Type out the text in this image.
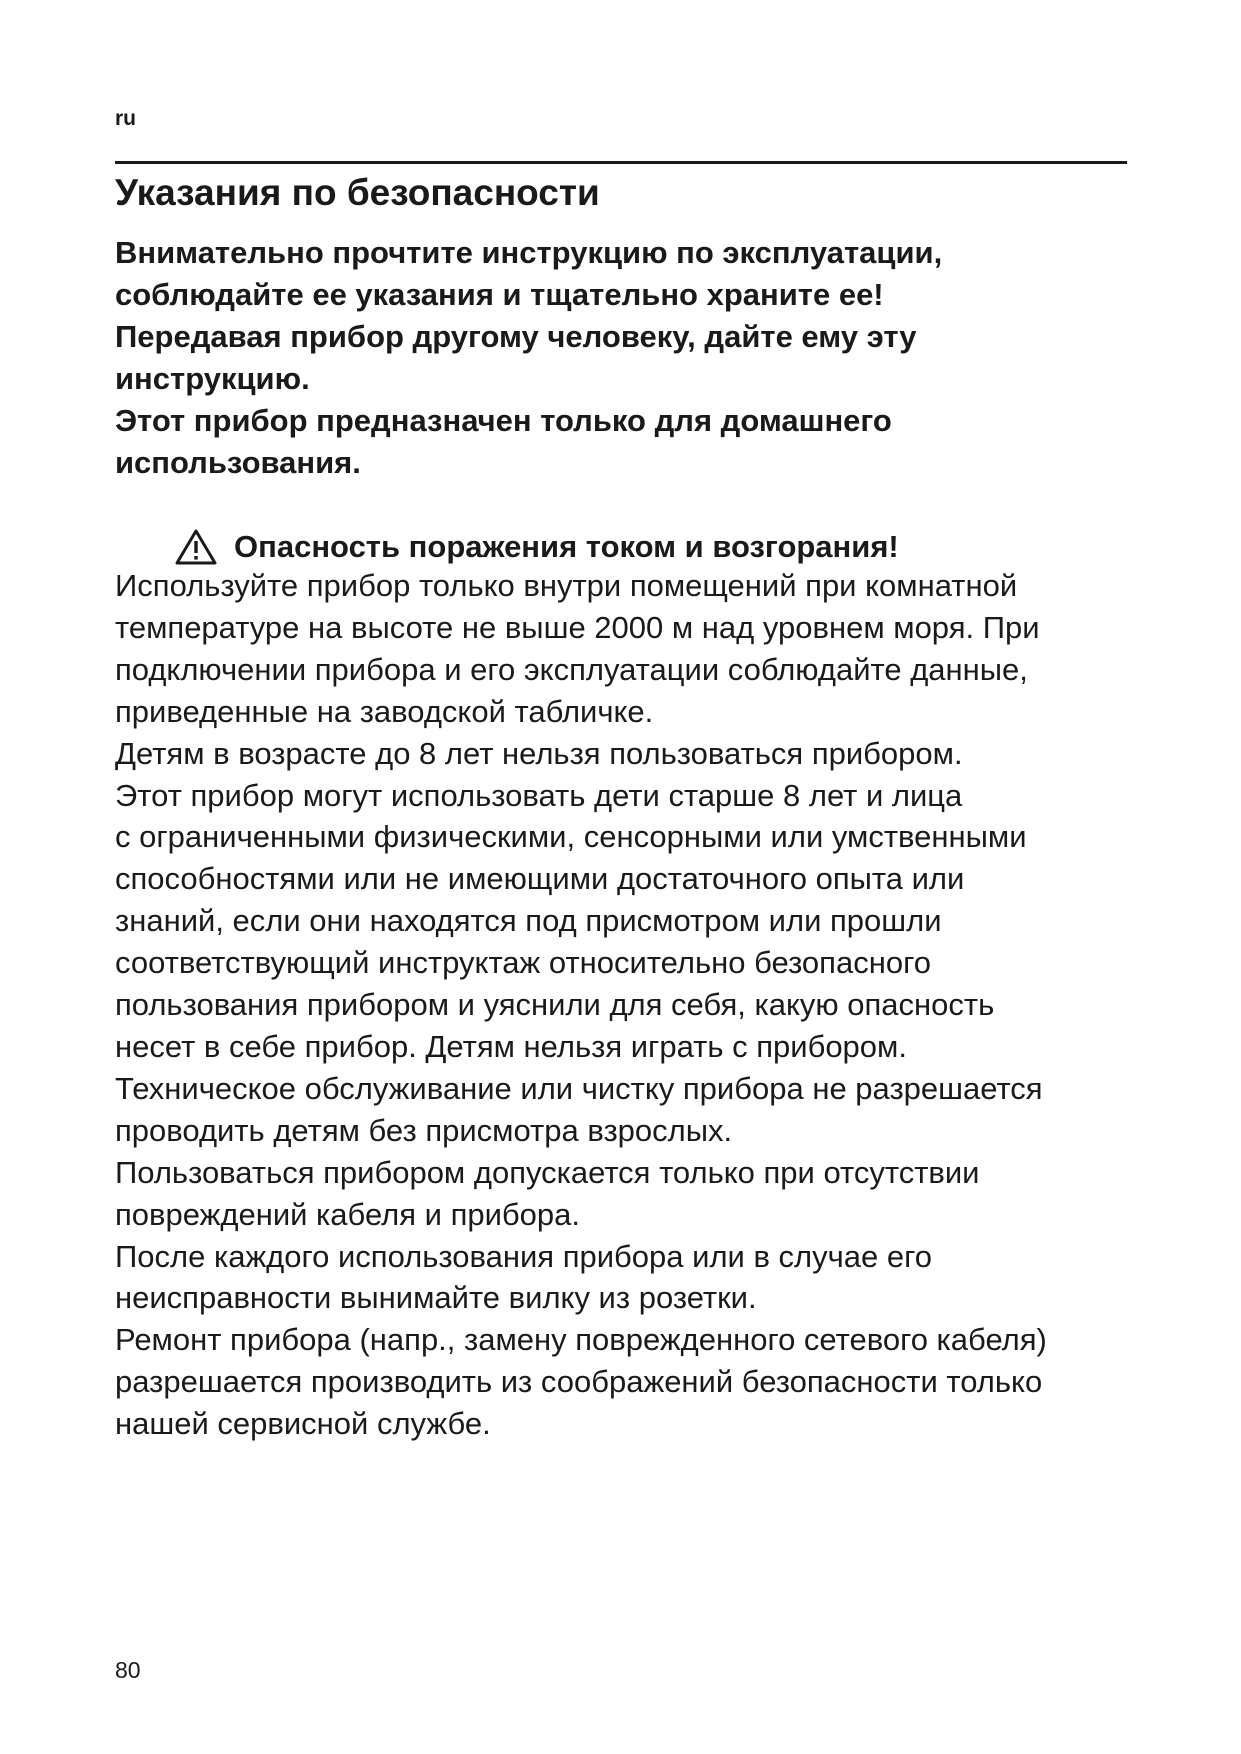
ru
Указания по безопасности
Внимательно прочтите инструкцию по эксплуатации,
соблюдайте ее указания и тщательно храните ее!
Передавая прибор другому человеку, дайте ему эту
инструкцию.
Этот прибор предназначен только для домашнего
использования.
Опасность поражения током и возгорания!
Используйте прибор только внутри помещений при комнатной
температуре на высоте не выше 2000 м над уровнем моря. При
подключении прибора и его эксплуатации соблюдайте данные,
приведенные на заводской табличке.
Детям в возрасте до 8 лет нельзя пользоваться прибором.
Этот прибор могут использовать дети старше 8 лет и лица
с ограниченными физическими, сенсорными или умственными
способностями или не имеющими достаточного опыта или
знаний, если они находятся под присмотром или прошли
соответствующий инструктаж относительно безопасного
пользования прибором и уяснили для себя, какую опасность
несет в себе прибор. Детям нельзя играть с прибором.
Техническое обслуживание или чистку прибора не разрешается
проводить детям без присмотра взрослых.
Пользоваться прибором допускается только при отсутствии
повреждений кабеля и прибора.
После каждого использования прибора или в случае его
неисправности вынимайте вилку из розетки.
Ремонт прибора (напр., замену поврежденного сетевого кабеля)
разрешается производить из соображений безопасности только
нашей сервисной службе.
80
